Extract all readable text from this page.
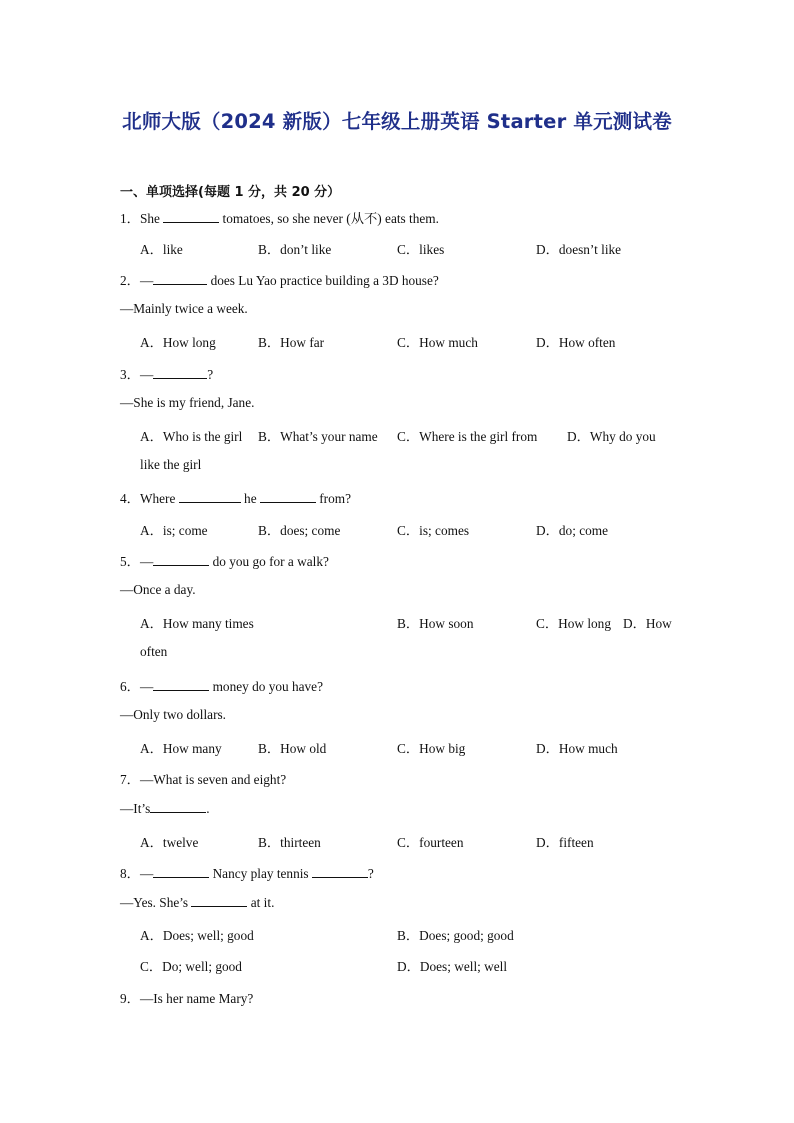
北师大版（2024 新版）七年级上册英语 Starter 单元测试卷
一、单项选择(每题 1 分，共 20 分）
1．She	tomatoes, so she never (从不) eats them.
A．like	B．don’t like	C．likes	D．doesn’t like
2．—	does Lu Yao practice building a 3D house?
—Mainly twice a week.
A．How long	B．How far	C．How much	D．How often
3．—	?
—She is my friend, Jane.
A．Who is the girl B．What’s your name C．Where is the girl from D．Why do you
like the girl
4．Where	he	from?
A．is; come	B．does; come	C．is; comes	D．do; come
5．—	do you go for a walk?
—Once a day.
A．How many times	B．How soon	C．How long D．How
often
6．—	money do you have?
—Only two dollars.
A．How many	B．How old	C．How big	D．How much
7．—What is seven and eight?
—It’s	.
A．twelve	B．thirteen	C．fourteen	D．fifteen
8．—	Nancy play tennis	?
—Yes. She’s	at it.
A．Does; well; good	B．Does; good; good
C．Do; well; good	D．Does; well; well
9．—Is her name Mary?
